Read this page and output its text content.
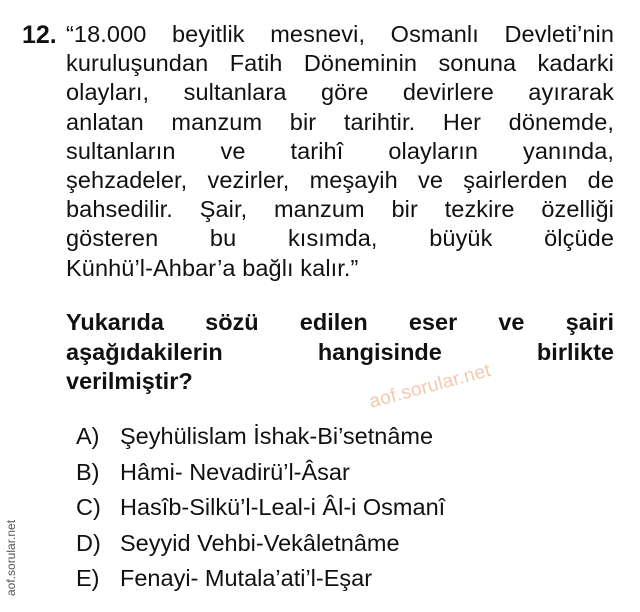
12. “18.000 beyitlik mesnevi, Osmanlı Devleti’nin
kuruluşundan Fatih Döneminin sonuna kadarki
olayları, sultanlara göre devirlere ayırarak
anlatan manzum bir tarihtir. Her dönemde,
sultanların ve tarihî olayların yanında,
şehzadeler, vezirler, meşayih ve şairlerden de
bahsedilir. Şair, manzum bir tezkire özelliği
gösteren bu kısımda, büyük ölçüde
Künhü’l-Ahbar’a bağlı kalır.”
Yukarıda sözü edilen eser ve şairi
aşağıdakilerin hangisinde birlikte
verilmiştir?	aof.sorular.net
A) Şeyhülislam İshak-Bi’setnâme
B) Hâmi- Nevadirü’l-Âsar
C) Hasîb-Silkü’l-Leal-i Âl-i Osmanî
D) Seyyid Vehbi-Vekâletnâme
E) Fenayi- Mutala’ati’l-Eşar
aof.sorular.net
